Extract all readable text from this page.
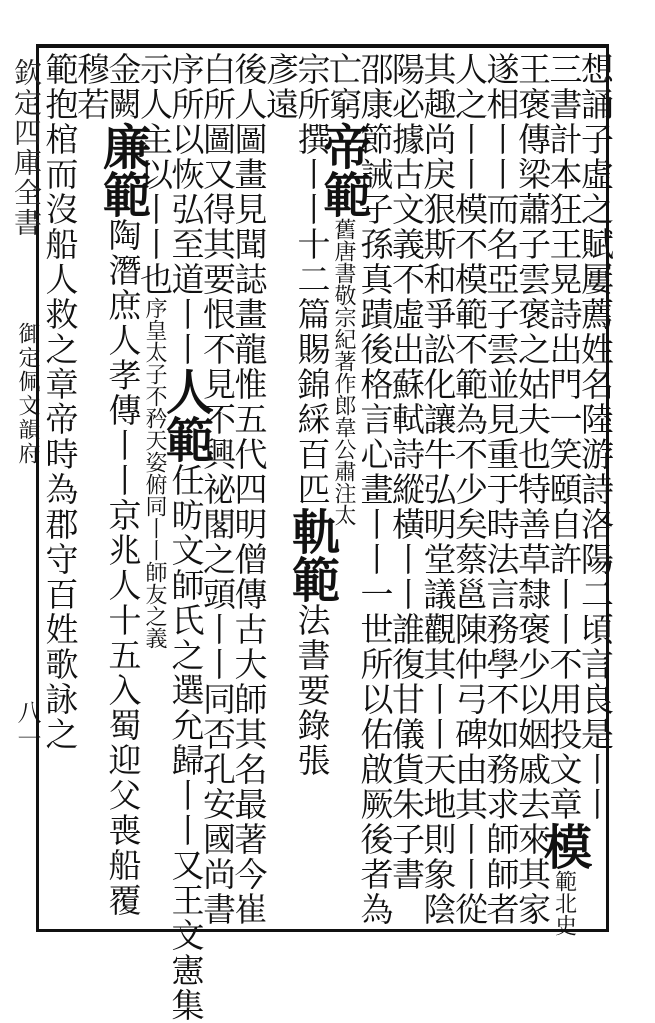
欽定四庫全書
御定佩文韻府
八一	想誦子虛之賦屢薦姓名陸游詩洛陽二頃言良是丨丨
三書計本狂王晃詩出門一笑頤自許丨丨不用投文章模範北史
王褒傳梁蕭子雲褒之姑夫也特善草隸褒少以姻戚去來其家
遂相丨丨而名亞子雲並見重于時法言務學不如務求師師者
人之丨丨模不模範不範為不少矣蔡邕陳仲弓碑由其丨丨從
其趣尚戾狠斯和爭訟化讓牛弘明堂議觀其丨丨天地則象陰
陽必據古文義不虛出蘇軾詩縱橫丨丨誰復甘儀貨朱子書
邵康節誡子孫真蹟後格言心畫丨丨一世所以佑啟厥後者為
亡窮帝範舊唐書敬宗紀著作郎韋公肅注太
宗所撰丨丨十二篇賜錦綵百匹軌範法書要錄張
彥遠
後人圖畫見聞誌畫龍惟五代四明僧傳古大師其名最著今崔
白所圖又得其要恨不見不興祕閣之頭丨丨同否孔安國尚書
序所以恢弘至道丨丨人範任昉文師氏之選允歸丨丨又王文憲集
示人主以丨丨也序皇太子不矜天姿俯同丨丨師友之義
金闕廉範陶潛庶人孝傳丨丨京兆人十五入蜀迎父喪船覆
穆若
範抱棺而沒船人救之章帝時為郡守百姓歌詠之
